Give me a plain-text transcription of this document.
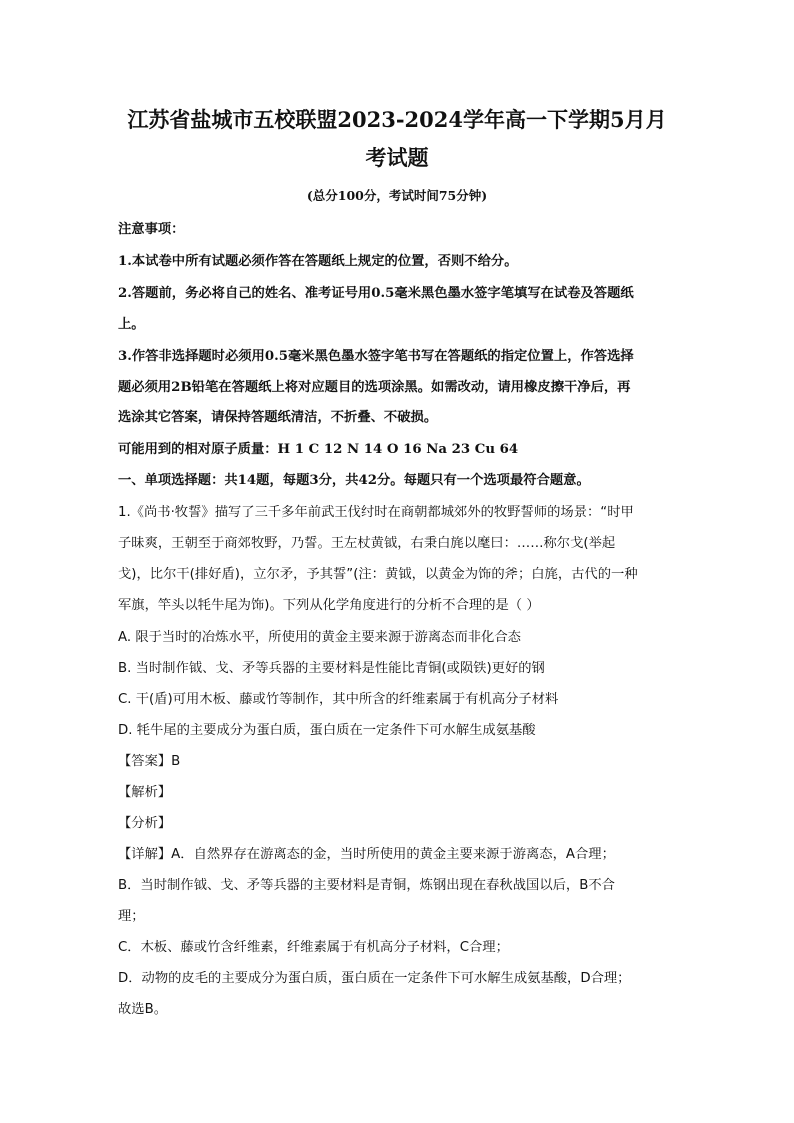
江苏省盐城市五校联盟2023-2024学年高一下学期5月月
考试题
(总分100分，考试时间75分钟)
注意事项：
1.本试卷中所有试题必须作答在答题纸上规定的位置，否则不给分。
2.答题前，务必将自己的姓名、准考证号用0.5毫米黑色墨水签字笔填写在试卷及答题纸
上。
3.作答非选择题时必须用0.5毫米黑色墨水签字笔书写在答题纸的指定位置上，作答选择
题必须用2B铅笔在答题纸上将对应题目的选项涂黑。如需改动，请用橡皮擦干净后，再
选涂其它答案，请保持答题纸清洁，不折叠、不破损。
可能用到的相对原子质量：H 1 C 12 N 14 O 16 Na 23 Cu 64
一、单项选择题：共14题，每题3分，共42分。每题只有一个选项最符合题意。
1.《尚书·牧誓》描写了三千多年前武王伐纣时在商朝都城郊外的牧野誓师的场景：“时甲
子昧爽，王朝至于商郊牧野，乃誓。王左杖黄钺，右秉白旄以麾曰：……称尔戈(举起
戈)，比尔干(排好盾)，立尔矛，予其誓”(注：黄钺，以黄金为饰的斧；白旄，古代的一种
军旗，竿头以牦牛尾为饰)。下列从化学角度进行的分析不合理的是（ ）
A. 限于当时的冶炼水平，所使用的黄金主要来源于游离态而非化合态
B. 当时制作钺、戈、矛等兵器的主要材料是性能比青铜(或陨铁)更好的钢
C. 干(盾)可用木板、藤或竹等制作，其中所含的纤维素属于有机高分子材料
D. 牦牛尾的主要成分为蛋白质，蛋白质在一定条件下可水解生成氨基酸
【答案】B
【解析】
【分析】
【详解】A．自然界存在游离态的金，当时所使用的黄金主要来源于游离态，A合理；
B．当时制作钺、戈、矛等兵器的主要材料是青铜，炼钢出现在春秋战国以后，B不合
理；
C．木板、藤或竹含纤维素，纤维素属于有机高分子材料，C合理；
D．动物的皮毛的主要成分为蛋白质，蛋白质在一定条件下可水解生成氨基酸，D合理；
故选B。
